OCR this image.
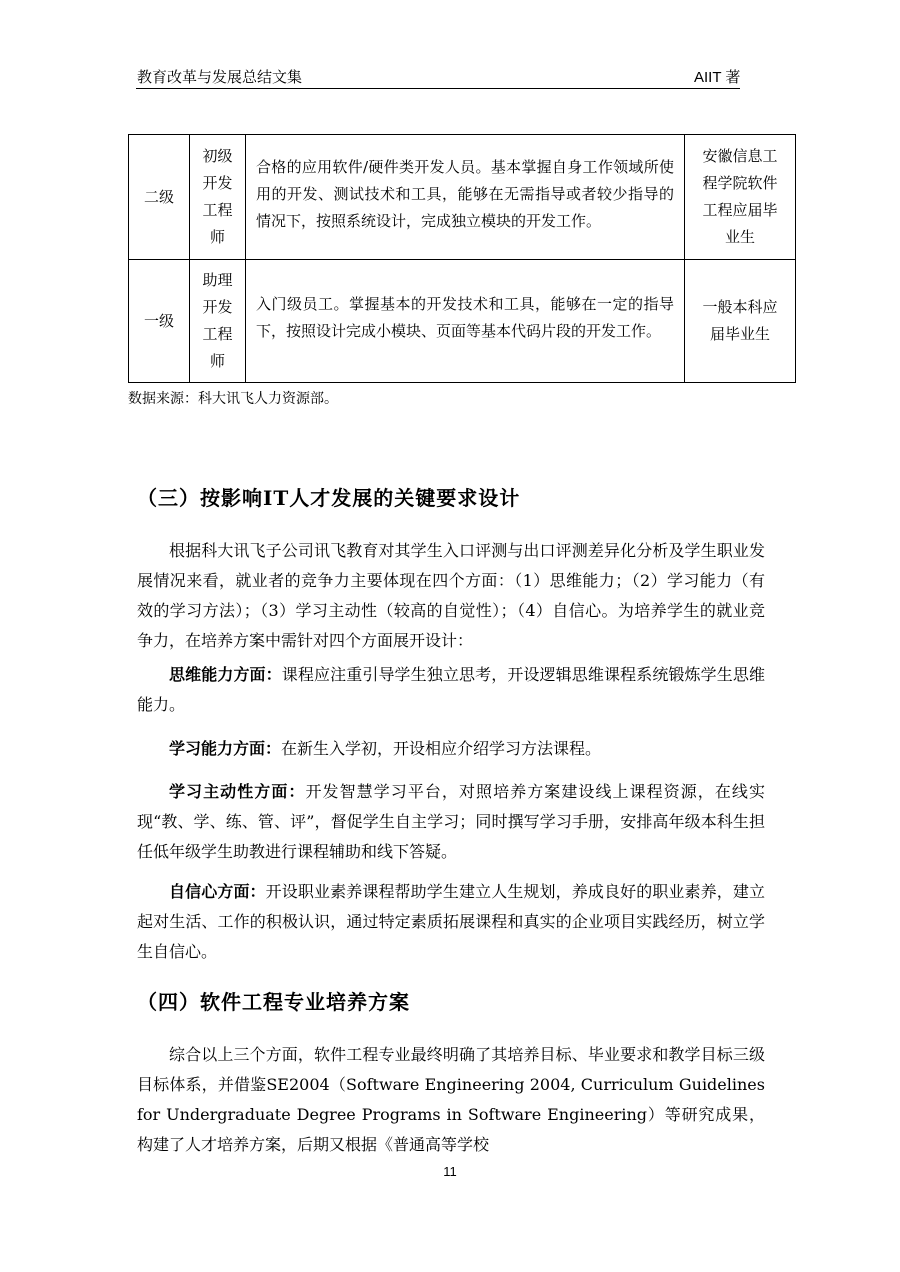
教育改革与发展总结文集	AIIT 著
二级	初级开发工程师	合格的应用软件/硬件类开发人员。基本掌握自身工作领域所使用的开发、测试技术和工具，能够在无需指导或者较少指导的情况下，按照系统设计，完成独立模块的开发工作。	安徽信息工程学院软件工程应届毕业生

一级	助理开发工程师	入门级员工。掌握基本的开发技术和工具，能够在一定的指导下，按照设计完成小模块、页面等基本代码片段的开发工作。	一般本科应届毕业生
数据来源：科大讯飞人力资源部。
（三）按影响IT人才发展的关键要求设计
根据科大讯飞子公司讯飞教育对其学生入口评测与出口评测差异化分析及学生职业发展情况来看，就业者的竞争力主要体现在四个方面：（1）思维能力；（2）学习能力（有效的学习方法）；（3）学习主动性（较高的自觉性）；（4）自信心。为培养学生的就业竞争力，在培养方案中需针对四个方面展开设计：
思维能力方面：课程应注重引导学生独立思考，开设逻辑思维课程系统锻炼学生思维能力。
学习能力方面：在新生入学初，开设相应介绍学习方法课程。
学习主动性方面：开发智慧学习平台，对照培养方案建设线上课程资源，在线实现“教、学、练、管、评”，督促学生自主学习；同时撰写学习手册，安排高年级本科生担任低年级学生助教进行课程辅助和线下答疑。
自信心方面：开设职业素养课程帮助学生建立人生规划，养成良好的职业素养，建立起对生活、工作的积极认识，通过特定素质拓展课程和真实的企业项目实践经历，树立学生自信心。
（四）软件工程专业培养方案
综合以上三个方面，软件工程专业最终明确了其培养目标、毕业要求和教学目标三级目标体系，并借鉴SE2004（Software Engineering 2004, Curriculum Guidelines for Undergraduate Degree Programs in Software Engineering）等研究成果，构建了人才培养方案，后期又根据《普通高等学校
11
